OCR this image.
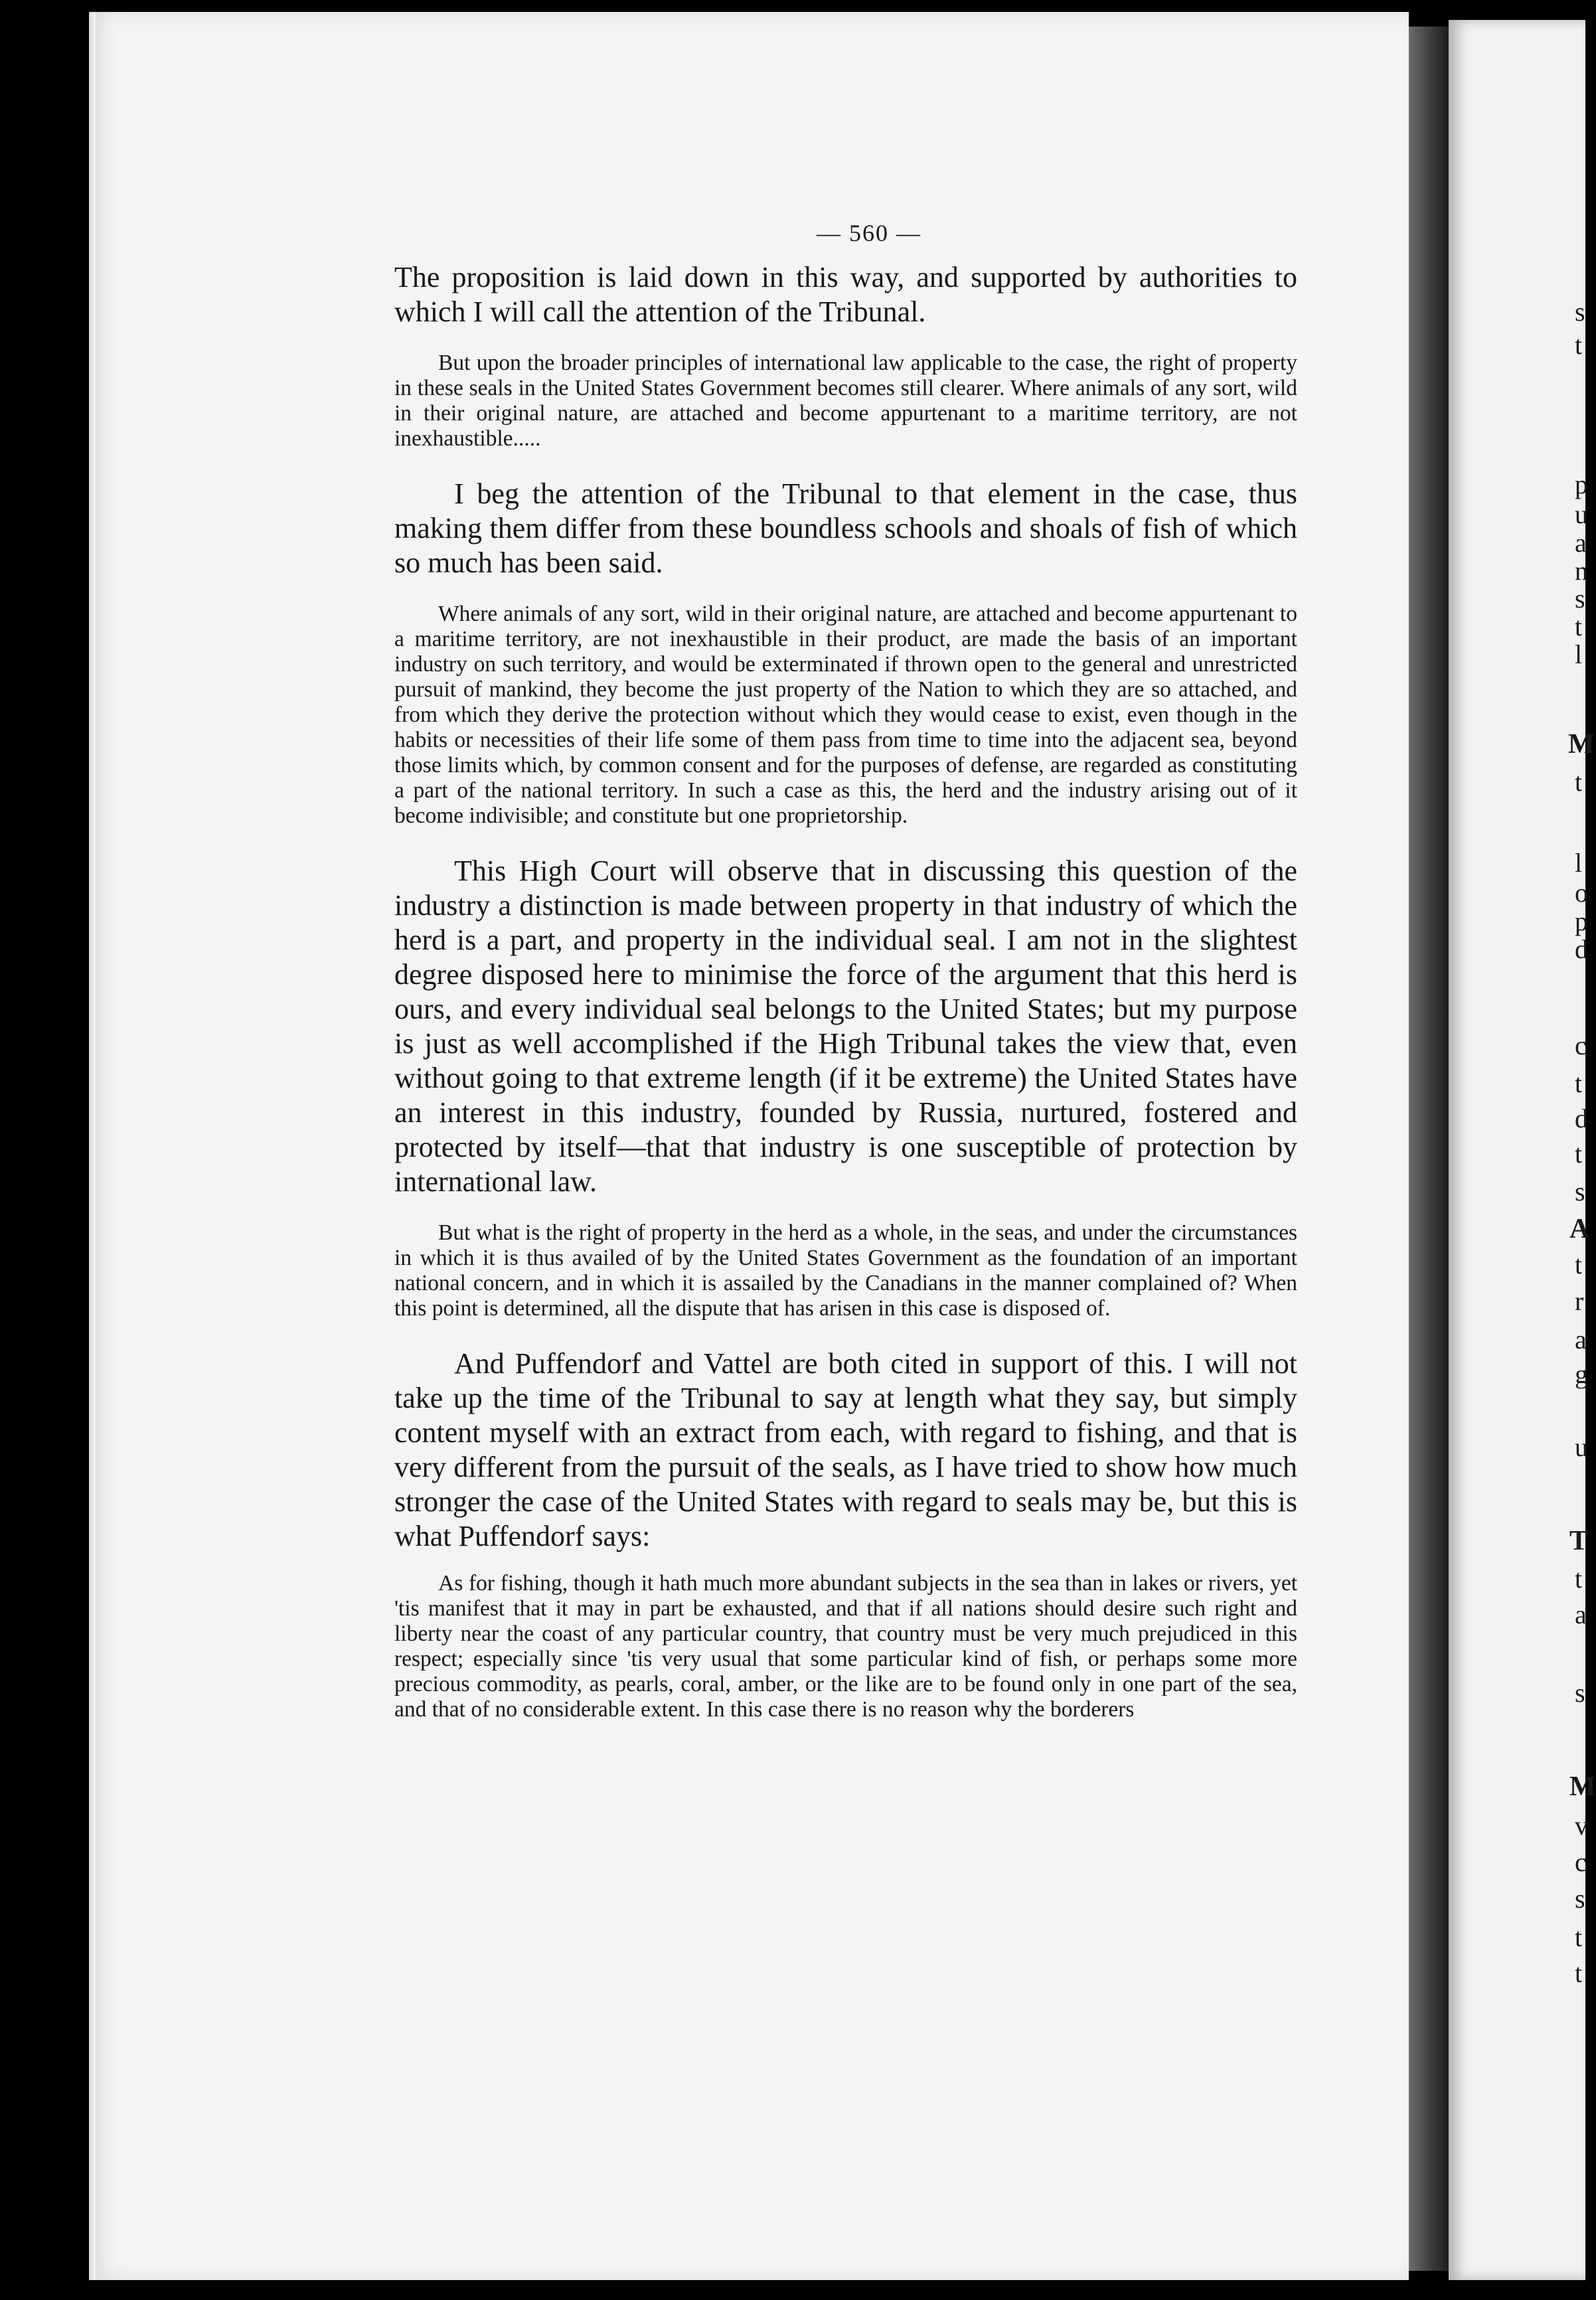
s
t
p
u
a
n
s
t
l
M
t
l
o
p
d
c
t
d
t
s
A
t
r
a
g
u
T
t
a
s
M
v
c
s
t
t
— 560 —

The proposition is laid down in this way, and supported by authorities to which I will call the attention of the Tribunal.

But upon the broader principles of international law applicable to the case, the right of property in these seals in the United States Government becomes still clearer. Where animals of any sort, wild in their original nature, are attached and become appurtenant to a maritime territory, are not inexhaustible.....

I beg the attention of the Tribunal to that element in the case, thus making them differ from these boundless schools and shoals of fish of which so much has been said.

Where animals of any sort, wild in their original nature, are attached and become appurtenant to a maritime territory, are not inexhaustible in their product, are made the basis of an important industry on such territory, and would be exterminated if thrown open to the general and unrestricted pursuit of mankind, they become the just property of the Nation to which they are so attached, and from which they derive the protection without which they would cease to exist, even though in the habits or necessities of their life some of them pass from time to time into the adjacent sea, beyond those limits which, by common consent and for the purposes of defense, are regarded as constituting a part of the national territory. In such a case as this, the herd and the industry arising out of it become indivisible; and constitute but one proprietorship.

This High Court will observe that in discussing this question of the industry a distinction is made between property in that industry of which the herd is a part, and property in the individual seal. I am not in the slightest degree disposed here to minimise the force of the argument that this herd is ours, and every individual seal belongs to the United States; but my purpose is just as well accomplished if the High Tribunal takes the view that, even without going to that extreme length (if it be extreme) the United States have an interest in this industry, founded by Russia, nurtured, fostered and protected by itself—that that industry is one susceptible of protection by international law.

But what is the right of property in the herd as a whole, in the seas, and under the circumstances in which it is thus availed of by the United States Government as the foundation of an important national concern, and in which it is assailed by the Canadians in the manner complained of? When this point is determined, all the dispute that has arisen in this case is disposed of.

And Puffendorf and Vattel are both cited in support of this. I will not take up the time of the Tribunal to say at length what they say, but simply content myself with an extract from each, with regard to fishing, and that is very different from the pursuit of the seals, as I have tried to show how much stronger the case of the United States with regard to seals may be, but this is what Puffendorf says:

As for fishing, though it hath much more abundant subjects in the sea than in lakes or rivers, yet 'tis manifest that it may in part be exhausted, and that if all nations should desire such right and liberty near the coast of any particular country, that country must be very much prejudiced in this respect; especially since 'tis very usual that some particular kind of fish, or perhaps some more precious commodity, as pearls, coral, amber, or the like are to be found only in one part of the sea, and that of no considerable extent. In this case there is no reason why the borderers
